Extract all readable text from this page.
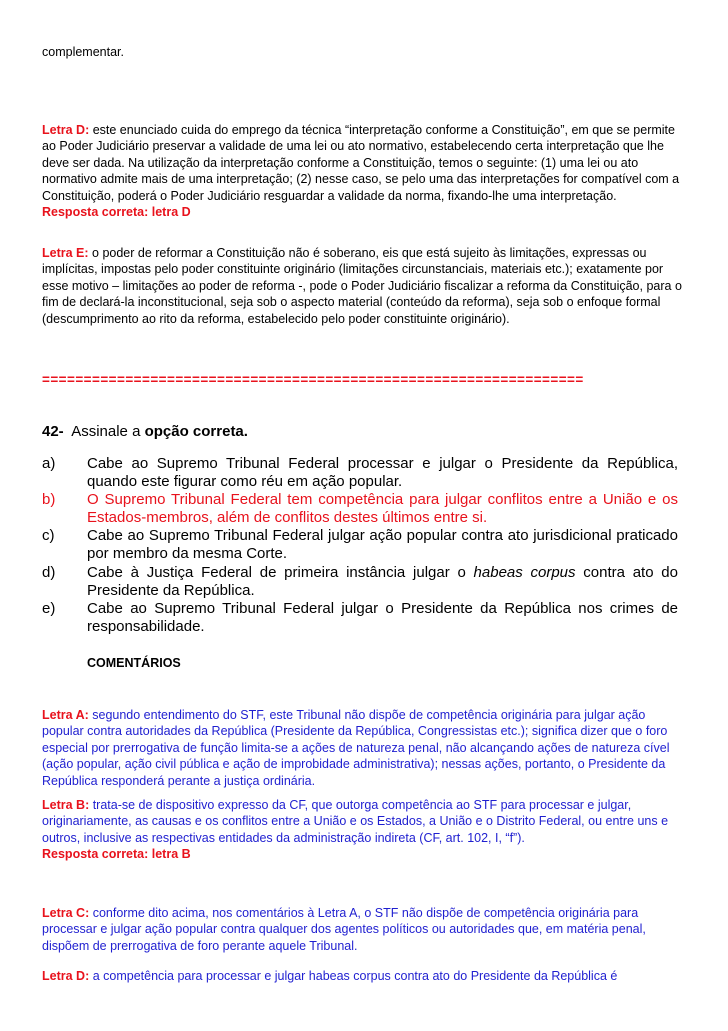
complementar.

Letra D: este enunciado cuida do emprego da técnica “interpretação conforme a Constituição”, em que se permite ao Poder Judiciário preservar a validade de uma lei ou ato normativo, estabelecendo certa interpretação que lhe deve ser dada. Na utilização da interpretação conforme a Constituição, temos o seguinte: (1) uma lei ou ato normativo admite mais de uma interpretação; (2) nesse caso, se pelo uma das interpretações for compatível com a Constituição, poderá o Poder Judiciário resguardar a validade da norma, fixando-lhe uma interpretação.
Resposta correta: letra D
Letra E: o poder de reformar a Constituição não é soberano, eis que está sujeito às limitações, expressas ou implícitas, impostas pelo poder constituinte originário (limitações circunstanciais, materiais etc.); exatamente por esse motivo – limitações ao poder de reforma -, pode o Poder Judiciário fiscalizar a reforma da Constituição, para o fim de declará-la inconstitucional, seja sob o aspecto material (conteúdo da reforma), seja sob o enfoque formal (descumprimento ao rito da reforma, estabelecido pelo poder constituinte originário).
=================================================================
42- Assinale a opção correta.
a)	Cabe ao Supremo Tribunal Federal processar e julgar o Presidente da República, quando este figurar como réu em ação popular.
b)	O Supremo Tribunal Federal tem competência para julgar conflitos entre a União e os Estados-membros, além de conflitos destes últimos entre si.
c)	Cabe ao Supremo Tribunal Federal julgar ação popular contra ato jurisdicional praticado por membro da mesma Corte.
d)	Cabe à Justiça Federal de primeira instância julgar o habeas corpus contra ato do Presidente da República.
e)	Cabe ao Supremo Tribunal Federal julgar o Presidente da República nos crimes de responsabilidade.
COMENTÁRIOS
Letra A: segundo entendimento do STF, este Tribunal não dispõe de competência originária para julgar ação popular contra autoridades da República (Presidente da República, Congressistas etc.); significa dizer que o foro especial por prerrogativa de função limita-se a ações de natureza penal, não alcançando ações de natureza cível (ação popular, ação civil pública e ação de improbidade administrativa); nessas ações, portanto, o Presidente da República responderá perante a justiça ordinária.
Letra B: trata-se de dispositivo expresso da CF, que outorga competência ao STF para processar e julgar, originariamente, as causas e os conflitos entre a União e os Estados, a União e o Distrito Federal, ou entre uns e outros, inclusive as respectivas entidades da administração indireta (CF, art. 102, I, “f”).
Resposta correta: letra B
Letra C: conforme dito acima, nos comentários à Letra A, o STF não dispõe de competência originária para processar e julgar ação popular contra qualquer dos agentes políticos ou autoridades que, em matéria penal, dispõem de prerrogativa de foro perante aquele Tribunal.
Letra D: a competência para processar e julgar habeas corpus contra ato do Presidente da República é
